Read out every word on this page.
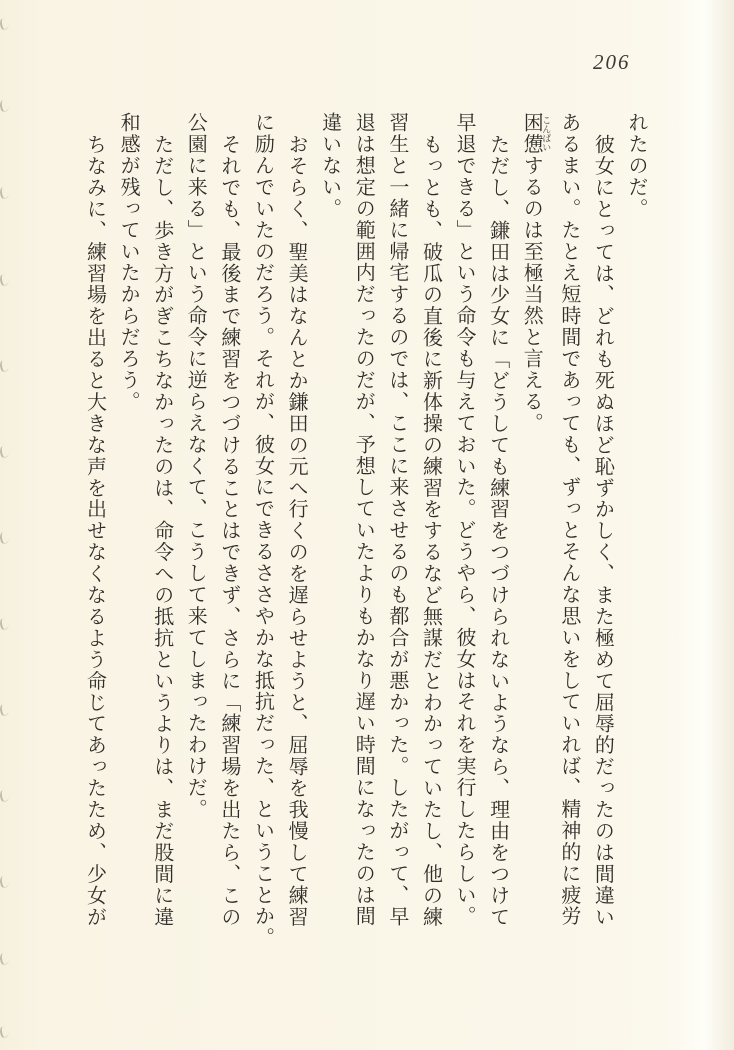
206
れたのだ。
彼女にとっては、どれも死ぬほど恥ずかしく、また極めて屈辱的だったのは間違い
あるまい。たとえ短時間であっても、ずっとそんな思いをしていれば、精神的に疲労
困憊 こんぱいするのは至極当然と言える。
ただし、鎌田は少女に「どうしても練習をつづけられないようなら、理由をつけて
早退できる」という命令も与えておいた。どうやら、彼女はそれを実行したらしい。
もっとも、破瓜の直後に新体操の練習をするなど無謀だとわかっていたし、他の練
習生と一緒に帰宅するのでは、ここに来させるのも都合が悪かった。したがって、早
退は想定の範囲内だったのだが、予想していたよりもかなり遅い時間になったのは間
違いない。
おそらく、聖美はなんとか鎌田の元へ行くのを遅らせようと、屈辱を我慢して練習
に励んでいたのだろう。それが、彼女にできるささやかな抵抗だった、ということか。
それでも、最後まで練習をつづけることはできず、さらに「練習場を出たら、この
公園に来る」という命令に逆らえなくて、こうして来てしまったわけだ。
ただし、歩き方がぎこちなかったのは、命令への抵抗というよりは、まだ股間に違
和感が残っていたからだろう。
ちなみに、練習場を出ると大きな声を出せなくなるよう命じてあったため、少女が
